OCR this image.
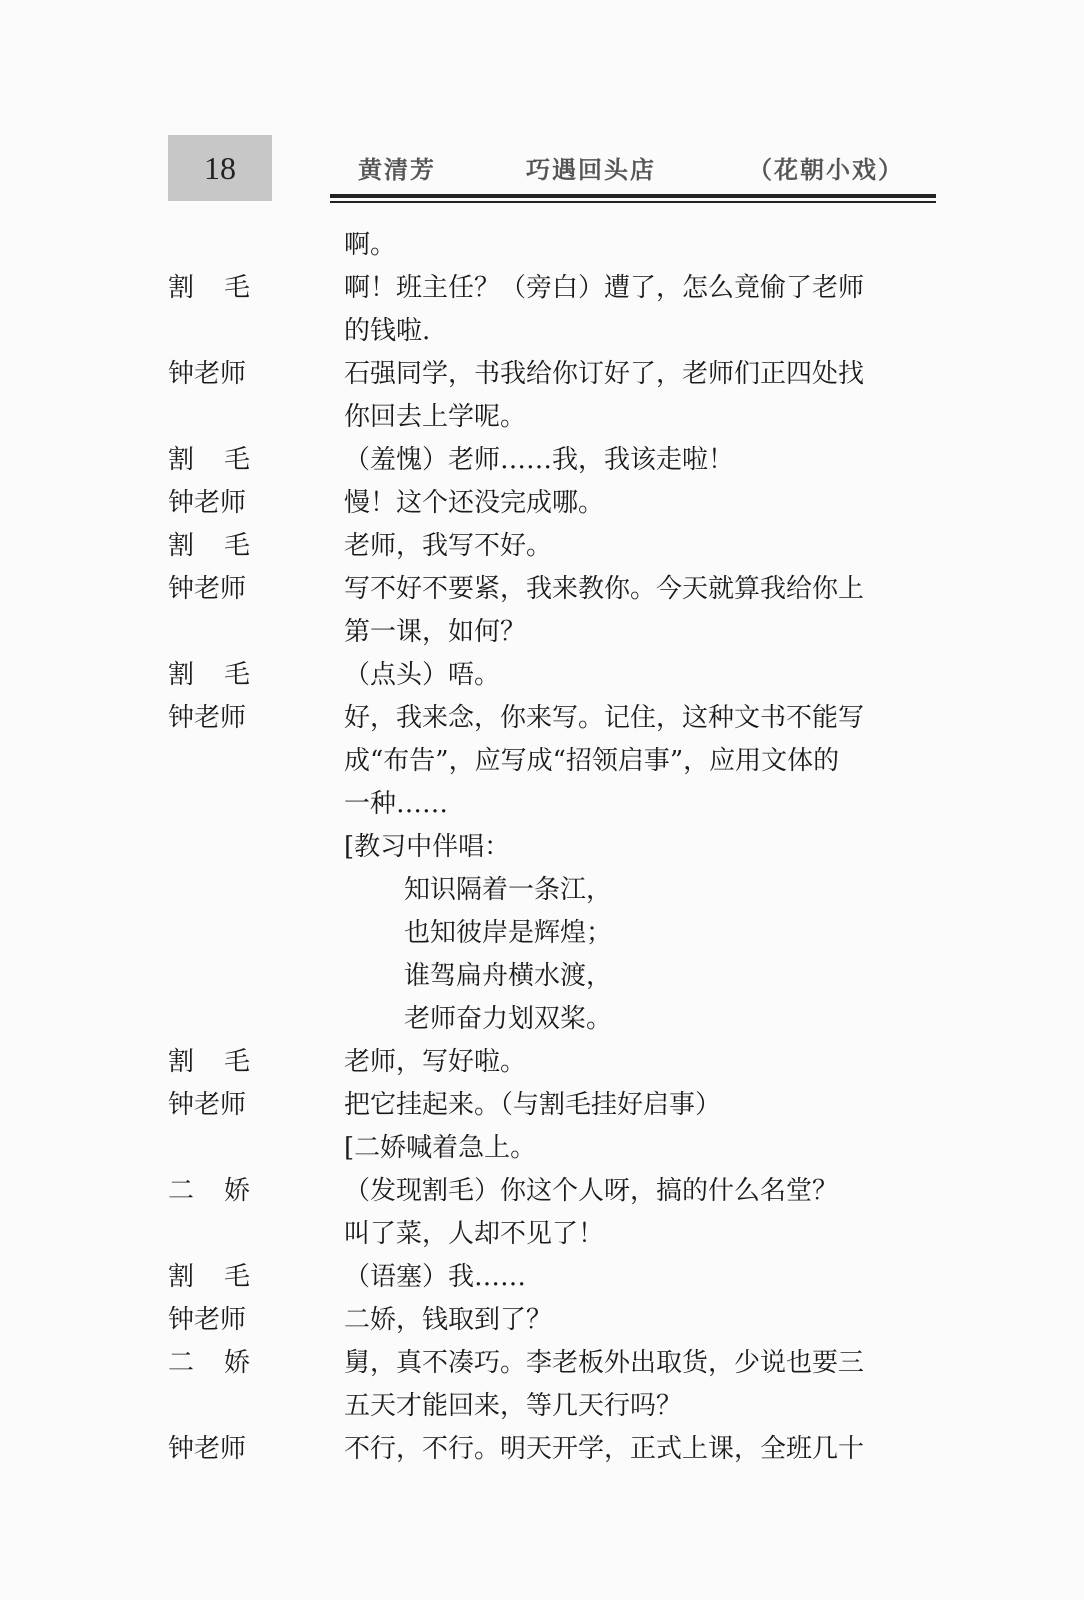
18	黄清芳	巧遇回头店	（花朝小戏）
啊。
割毛	啊！班主任？（旁白）遭了，怎么竟偷了老师
的钱啦.
钟老师	石强同学，书我给你订好了，老师们正四处找
你回去上学呢。
割毛	（羞愧）老师……我，我该走啦！
钟老师	慢！这个还没完成哪。
割毛	老师，我写不好。
钟老师	写不好不要紧，我来教你。今天就算我给你上
第一课，如何？
割毛	（点头）唔。
钟老师	好，我来念，你来写。记住，这种文书不能写
成“布告”，应写成“招领启事”，应用文体的
一种……
[教习中伴唱：
知识隔着一条江，
也知彼岸是辉煌；
谁驾扁舟横水渡，
老师奋力划双桨。
割毛	老师，写好啦。
钟老师	把它挂起来。（与割毛挂好启事）
[二娇喊着急上。
二娇	（发现割毛）你这个人呀，搞的什么名堂？
叫了菜，人却不见了！
割毛	（语塞）我……
钟老师	二娇，钱取到了？
二娇	舅，真不凑巧。李老板外出取货，少说也要三
五天才能回来，等几天行吗？
钟老师	不行，不行。明天开学，正式上课，全班几十
